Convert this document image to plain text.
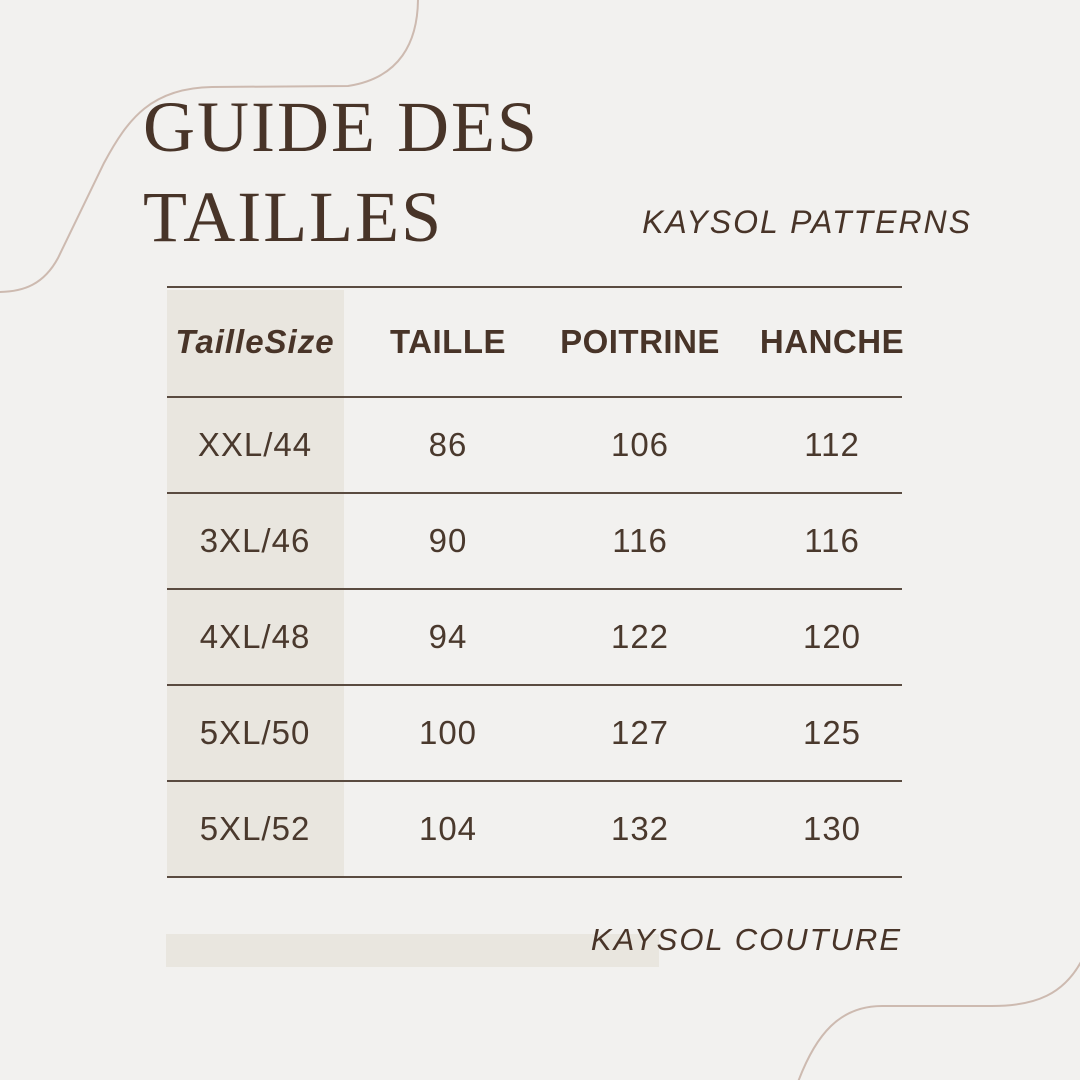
GUIDE DES
TAILLES	KAYSOL PATTERNS
TailleSize TAILLE POITRINE HANCHE
XXL/44	86	106	112
3XL/46	90	116	116
4XL/48	94	122	120
5XL/50	100	127	125
5XL/52	104	132	130
KAYSOL COUTURE
